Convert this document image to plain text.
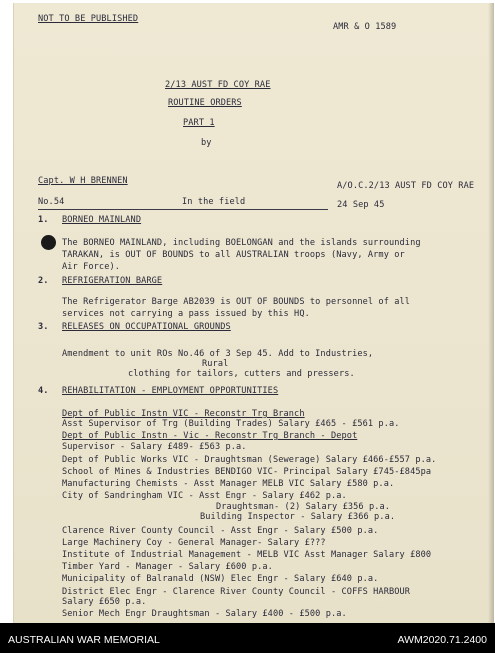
NOT TO BE PUBLISHED
AMR & O 1589
2/13 AUST FD COY RAE
ROUTINE ORDERS
PART 1
by
Capt. W H BRENNEN	A/O.C.2/13 AUST FD COY RAE
No.54	In the field	24 Sep 45
1. BORNEO MAINLAND
The BORNEO MAINLAND, including BOELONGAN and the islands surrounding
TARAKAN, is OUT OF BOUNDS to all AUSTRALIAN troops (Navy, Army or
Air Force).
2. REFRIGERATION BARGE
The Refrigerator Barge AB2039 is OUT OF BOUNDS to personnel of all
services not carrying a pass issued by this HQ.
3. RELEASES ON OCCUPATIONAL GROUNDS
Amendment to unit ROs No.46 of 3 Sep 45. Add to Industries,
Rural
clothing for tailors, cutters and pressers.
4. REHABILITATION - EMPLOYMENT OPPORTUNITIES
Dept of Public Instn VIC - Reconstr Trg Branch
Asst Supervisor of Trg (Building Trades) Salary £465 - £561 p.a.
Dept of Public Instn - Vic - Reconstr Trg Branch - Depot
Supervisor - Salary £489- £563 p.a.
Dept of Public Works VIC - Draughtsman (Sewerage) Salary £466-£557 p.a.
School of Mines & Industries BENDIGO VIC- Principal Salary £745-£845pa
Manufacturing Chemists - Asst Manager MELB VIC Salary £580 p.a.
City of Sandringham VIC - Asst Engr - Salary £462 p.a.
Draughtsman- (2) Salary £356 p.a.
Building Inspector - Salary £366 p.a.
Clarence River County Council - Asst Engr - Salary £500 p.a.
Large Machinery Coy - General Manager- Salary £???
Institute of Industrial Management - MELB VIC Asst Manager Salary £800
Timber Yard - Manager - Salary £600 p.a.
Municipality of Balranald (NSW) Elec Engr - Salary £640 p.a.
District Elec Engr - Clarence River County Council - COFFS HARBOUR
Salary £650 p.a.
Senior Mech Engr Draughtsman - Salary £400 - £500 p.a.
AUSTRALIAN WAR MEMORIAL	AWM2020.71.2400
